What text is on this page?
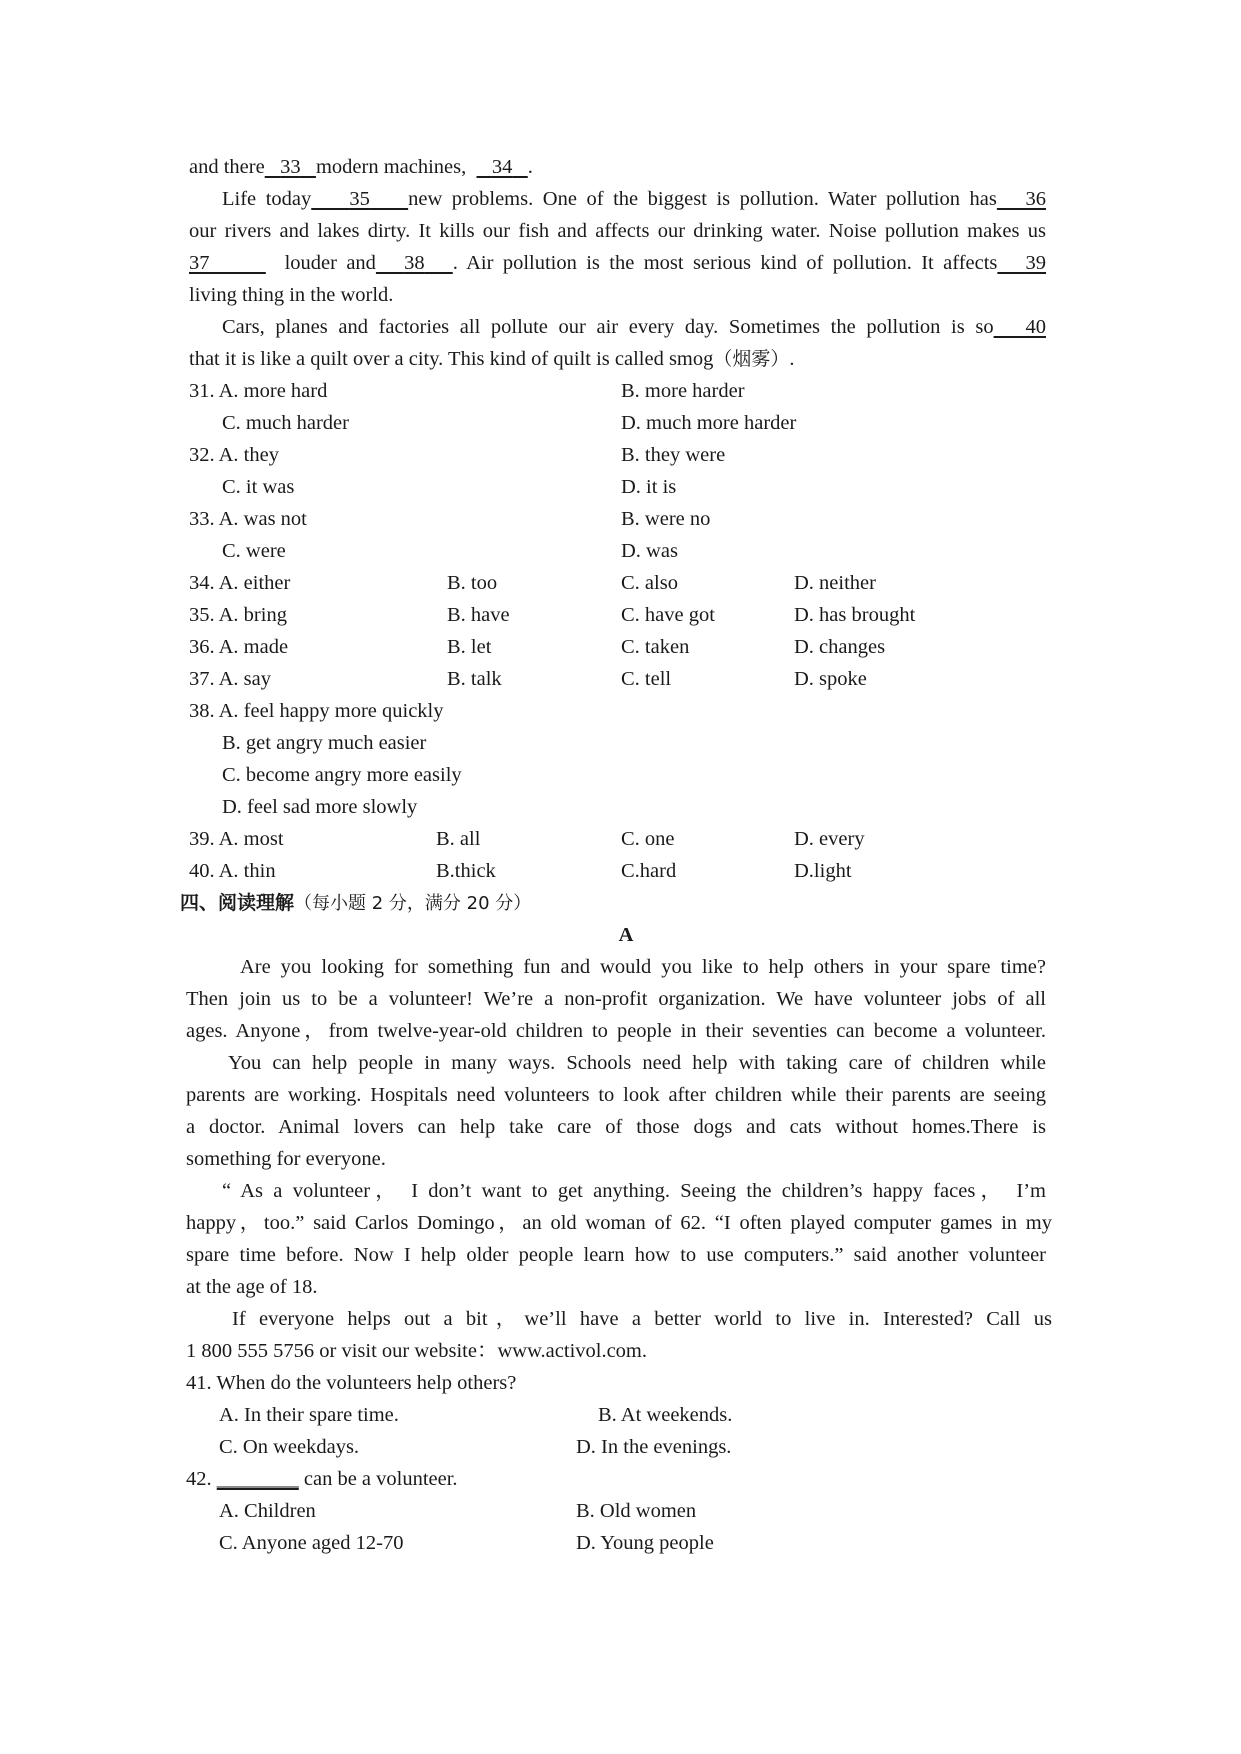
and there 33 modern machines, 34 .
Life today 35 new problems. One of the biggest is pollution. Water pollution has 36
our rivers and lakes dirty. It kills our fish and affects our drinking water. Noise pollution makes us
37	louder and 38 . Air pollution is the most serious kind of pollution. It affects 39
living thing in the world.
Cars, planes and factories all pollute our air every day. Sometimes the pollution is so 40
that it is like a quilt over a city. This kind of quilt is called smog（烟雾）.
31. A. more hard	B. more harder
C. much harder	D. much more harder
32. A. they	B. they were
C. it was	D. it is
33. A. was not	B. were no
C. were	D. was
34. A. either	B. too	C. also	D. neither
35. A. bring	B. have	C. have got	D. has brought
36. A. made	B. let	C. taken	D. changes
37. A. say	B. talk	C. tell	D. spoke
38. A. feel happy more quickly
B. get angry much easier
C. become angry more easily
D. feel sad more slowly
39. A. most	B. all	C. one	D. every
40. A. thin	B.thick	C.hard	D.light
四、阅读理解（每小题 2 分，满分 20 分）
A
Are you looking for something fun and would you like to help others in your spare time?
Then join us to be a volunteer! We’re a non-profit organization. We have volunteer jobs of all
ages. Anyone，from twelve-year-old children to people in their seventies can become a volunteer.
You can help people in many ways. Schools need help with taking care of children while
parents are working. Hospitals need volunteers to look after children while their parents are seeing
a doctor. Animal lovers can help take care of those dogs and cats without homes.There is
something for everyone.
“ As a volunteer， I don’t want to get anything. Seeing the children’s happy faces， I’m
happy，too.” said Carlos Domingo，an old woman of 62. “I often played computer games in my
spare time before. Now I help older people learn how to use computers.” said another volunteer
at the age of 18.
If everyone helps out a bit，we’ll have a better world to live in. Interested? Call us
1 800 555 5756 or visit our website：www.activol.com.
41. When do the volunteers help others?
A. In their spare time.	B. At weekends.
C. On weekdays.	D. In the evenings.
42. ________ can be a volunteer.
A. Children	B. Old women
C. Anyone aged 12-70	D. Young people
